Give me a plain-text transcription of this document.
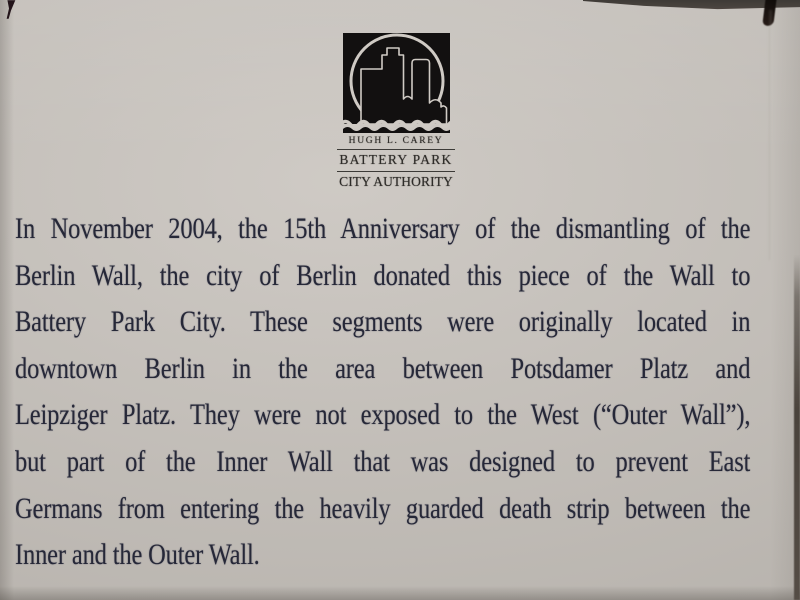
HUGH L. CAREY
BATTERY PARK
CITY AUTHORITY
In November 2004, the 15th Anniversary of the dismantling of the
Berlin Wall, the city of Berlin donated this piece of the Wall to
Battery Park City. These segments were originally located in
downtown Berlin in the area between Potsdamer Platz and
Leipziger Platz. They were not exposed to the West (“Outer Wall”),
but part of the Inner Wall that was designed to prevent East
Germans from entering the heavily guarded death strip between the
Inner and the Outer Wall.
